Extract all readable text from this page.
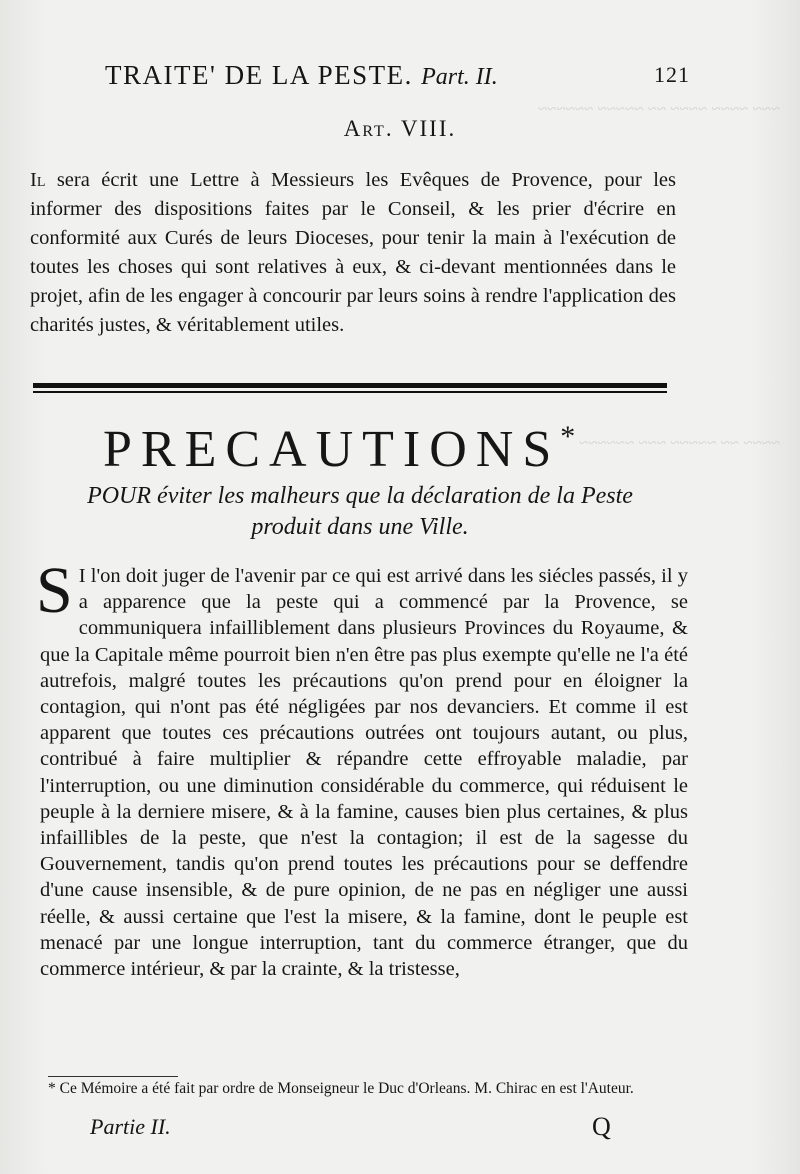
~~~ ~~~~ ~~~~ ~~ ~~~~~ ~~~~~~
~~~~ ~~ ~~~~~ ~~~ ~~~~~~
TRAITE' DE LA PESTE. Part. II.	121
Art. VIII.
Il sera écrit une Lettre à Messieurs les Evêques de Provence, pour les informer des dispositions faites par le Conseil, & les prier d'écrire en conformité aux Curés de leurs Dioceses, pour tenir la main à l'exécution de toutes les choses qui sont relatives à eux, & ci-devant mentionnées dans le projet, afin de les engager à concourir par leurs soins à rendre l'application des charités justes, & véritablement utiles.
PRECAUTIONS*
POUR éviter les malheurs que la déclaration de la Peste
produit dans une Ville.
S I l'on doit juger de l'avenir par ce qui est arrivé dans les siécles passés, il y a apparence que la peste qui a commencé par la Provence, se communiquera infailliblement dans plusieurs Provinces du Royaume, & que la Capitale même pourroit bien n'en être pas plus exempte qu'elle ne l'a été autrefois, malgré toutes les précautions qu'on prend pour en éloigner la contagion, qui n'ont pas été négligées par nos devanciers. Et comme il est apparent que toutes ces précautions outrées ont toujours autant, ou plus, contribué à faire multiplier & répandre cette effroyable maladie, par l'interruption, ou une diminution considérable du commerce, qui réduisent le peuple à la derniere misere, & à la famine, causes bien plus certaines, & plus infaillibles de la peste, que n'est la contagion; il est de la sagesse du Gouvernement, tandis qu'on prend toutes les précautions pour se deffendre d'une cause insensible, & de pure opinion, de ne pas en négliger une aussi réelle, & aussi certaine que l'est la misere, & la famine, dont le peuple est menacé par une longue interruption, tant du commerce étranger, que du commerce intérieur, & par la crainte, & la tristesse,
* Ce Mémoire a été fait par ordre de Monseigneur le Duc d'Orleans. M. Chirac en est l'Auteur.
Partie II.	Q
